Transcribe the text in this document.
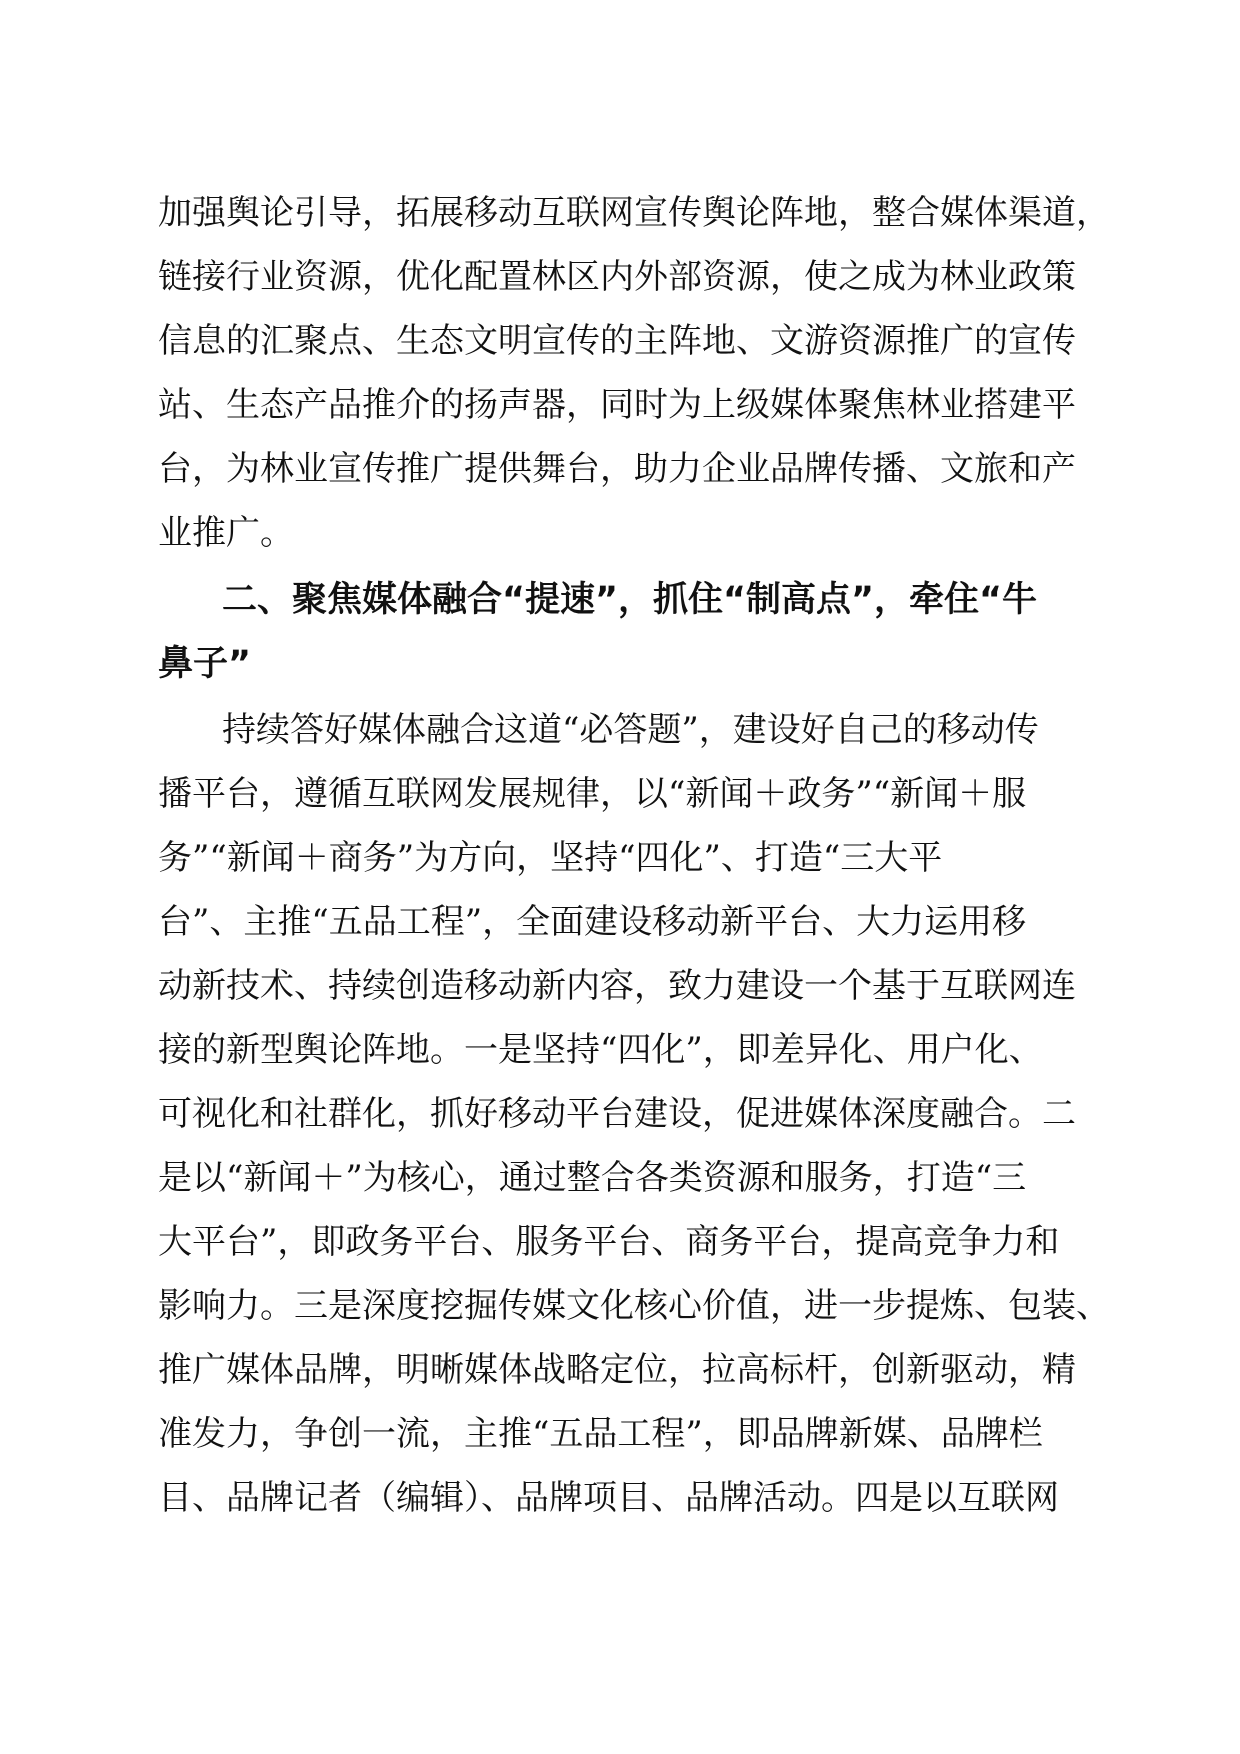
加强舆论引导，拓展移动互联网宣传舆论阵地，整合媒体渠道，
链接行业资源，优化配置林区内外部资源，使之成为林业政策
信息的汇聚点、生态文明宣传的主阵地、文游资源推广的宣传
站、生态产品推介的扬声器，同时为上级媒体聚焦林业搭建平
台，为林业宣传推广提供舞台，助力企业品牌传播、文旅和产
业推广。
二、聚焦媒体融合“提速”，抓住“制高点”，牵住“牛
鼻子”
持续答好媒体融合这道“必答题”，建设好自己的移动传
播平台，遵循互联网发展规律，以“新闻＋政务”“新闻＋服
务”“新闻＋商务”为方向，坚持“四化”、打造“三大平
台”、主推“五品工程”，全面建设移动新平台、大力运用移
动新技术、持续创造移动新内容，致力建设一个基于互联网连
接的新型舆论阵地。一是坚持“四化”，即差异化、用户化、
可视化和社群化，抓好移动平台建设，促进媒体深度融合。二
是以“新闻＋”为核心，通过整合各类资源和服务，打造“三
大平台”，即政务平台、服务平台、商务平台，提高竞争力和
影响力。三是深度挖掘传媒文化核心价值，进一步提炼、包装、
推广媒体品牌，明晰媒体战略定位，拉高标杆，创新驱动，精
准发力，争创一流，主推“五品工程”，即品牌新媒、品牌栏
目、品牌记者（编辑）、品牌项目、品牌活动。四是以互联网
